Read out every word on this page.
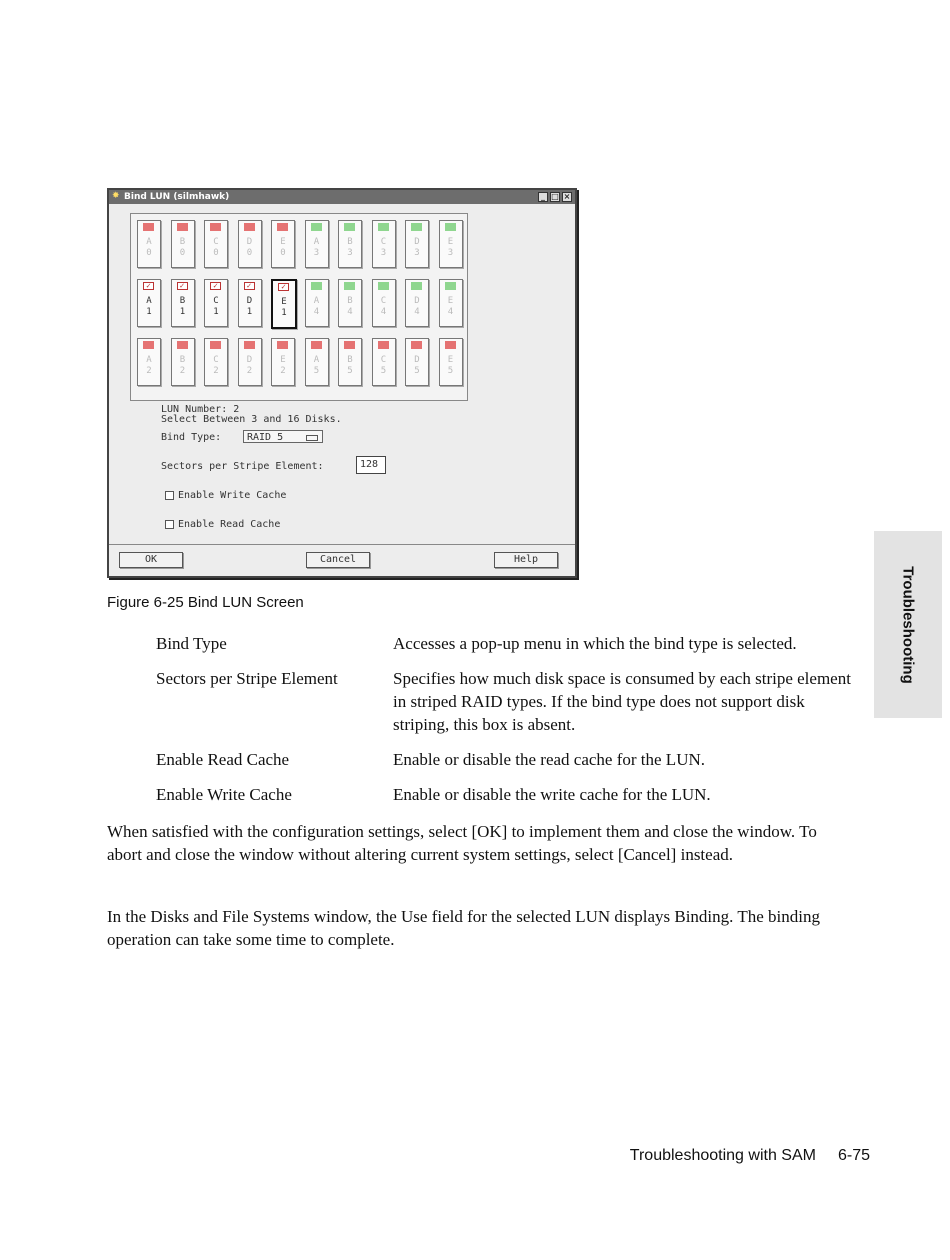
✸
Bind LUN (silmhawk)	_ □ ×
A
0
B
0
C
0
D
0
E
0
A
3
B
3
C
3
D
3
E
3
✓
A
1
✓
B
1
✓
C
1
✓
D
1
✓
E
1
A
4
B
4
C
4
D
4
E
4
A
2
B
2
C
2
D
2
E
2
A
5
B
5
C
5
D
5
E
5
LUN Number: 2
Select Between 3 and 16 Disks.
Bind Type:	RAID 5
Sectors per Stripe Element:	128
Enable Write Cache
Enable Read Cache
OK	Cancel	Help
Figure 6-25 Bind LUN Screen
Bind Type	Accesses a pop-up menu in which the bind type is selected.
Sectors per Stripe Element	Specifies how much disk space is consumed by each stripe element in striped RAID types. If the bind type does not support disk striping, this box is absent.
Enable Read Cache	Enable or disable the read cache for the LUN.
Enable Write Cache	Enable or disable the write cache for the LUN.

When satisfied with the configuration settings, select [OK] to implement them and close the window. To abort and close the window without altering current system settings, select [Cancel] instead.

In the Disks and File Systems window, the Use field for the selected LUN displays Binding. The binding operation can take some time to complete.

Troubleshooting
Troubleshooting with SAM 6-75
